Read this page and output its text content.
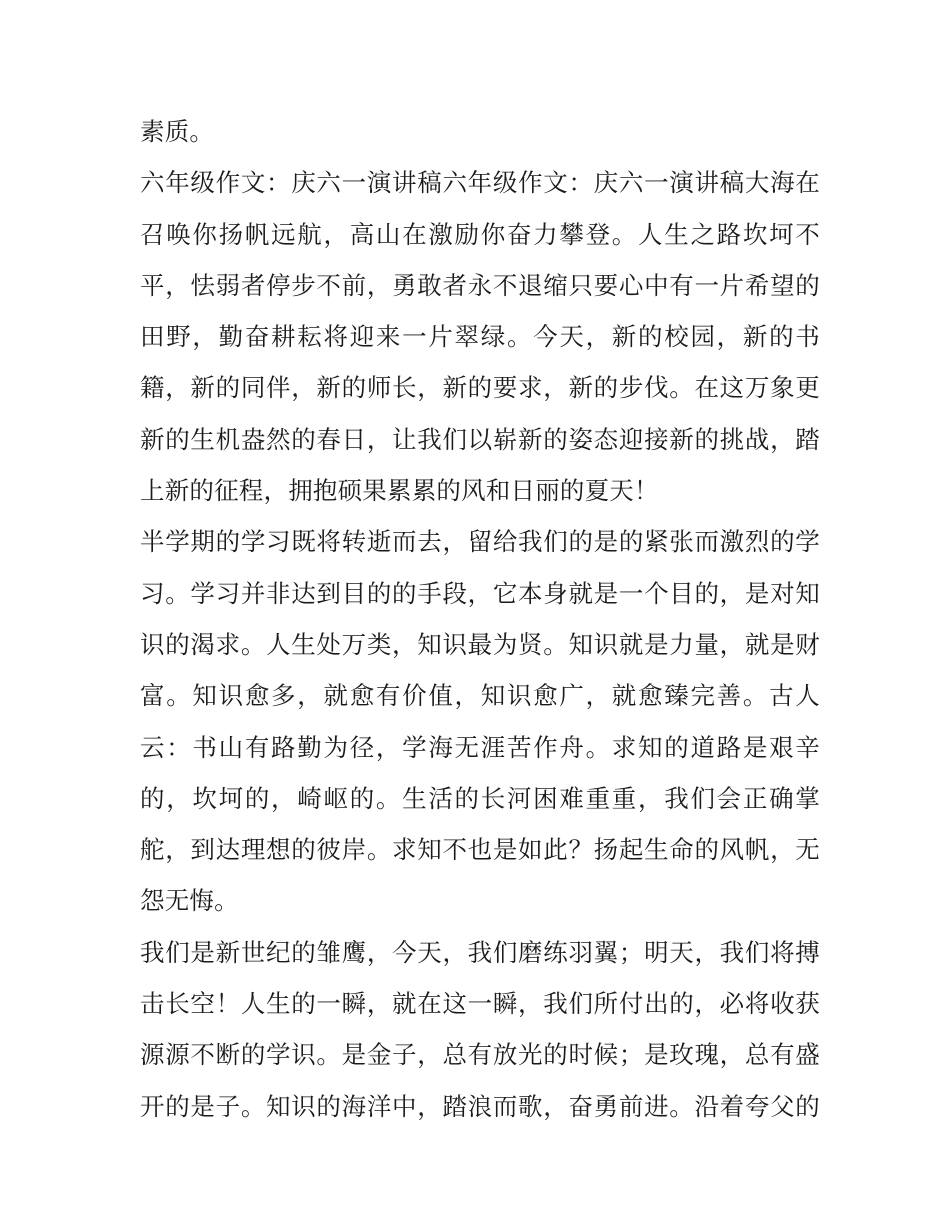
素质。
六年级作文：庆六一演讲稿六年级作文：庆六一演讲稿大海在
召唤你扬帆远航，高山在激励你奋力攀登。人生之路坎坷不
平，怯弱者停步不前，勇敢者永不退缩只要心中有一片希望的
田野，勤奋耕耘将迎来一片翠绿。今天，新的校园，新的书
籍，新的同伴，新的师长，新的要求，新的步伐。在这万象更
新的生机盎然的春日，让我们以崭新的姿态迎接新的挑战，踏
上新的征程，拥抱硕果累累的风和日丽的夏天！
半学期的学习既将转逝而去，留给我们的是的紧张而激烈的学
习。学习并非达到目的的手段，它本身就是一个目的，是对知
识的渴求。人生处万类，知识最为贤。知识就是力量，就是财
富。知识愈多，就愈有价值，知识愈广，就愈臻完善。古人
云：书山有路勤为径，学海无涯苦作舟。求知的道路是艰辛
的，坎坷的，崎岖的。生活的长河困难重重，我们会正确掌
舵，到达理想的彼岸。求知不也是如此？扬起生命的风帆，无
怨无悔。
我们是新世纪的雏鹰，今天，我们磨练羽翼；明天，我们将搏
击长空！人生的一瞬，就在这一瞬，我们所付出的，必将收获
源源不断的学识。是金子，总有放光的时候；是玫瑰，总有盛
开的是子。知识的海洋中，踏浪而歌，奋勇前进。沿着夸父的
